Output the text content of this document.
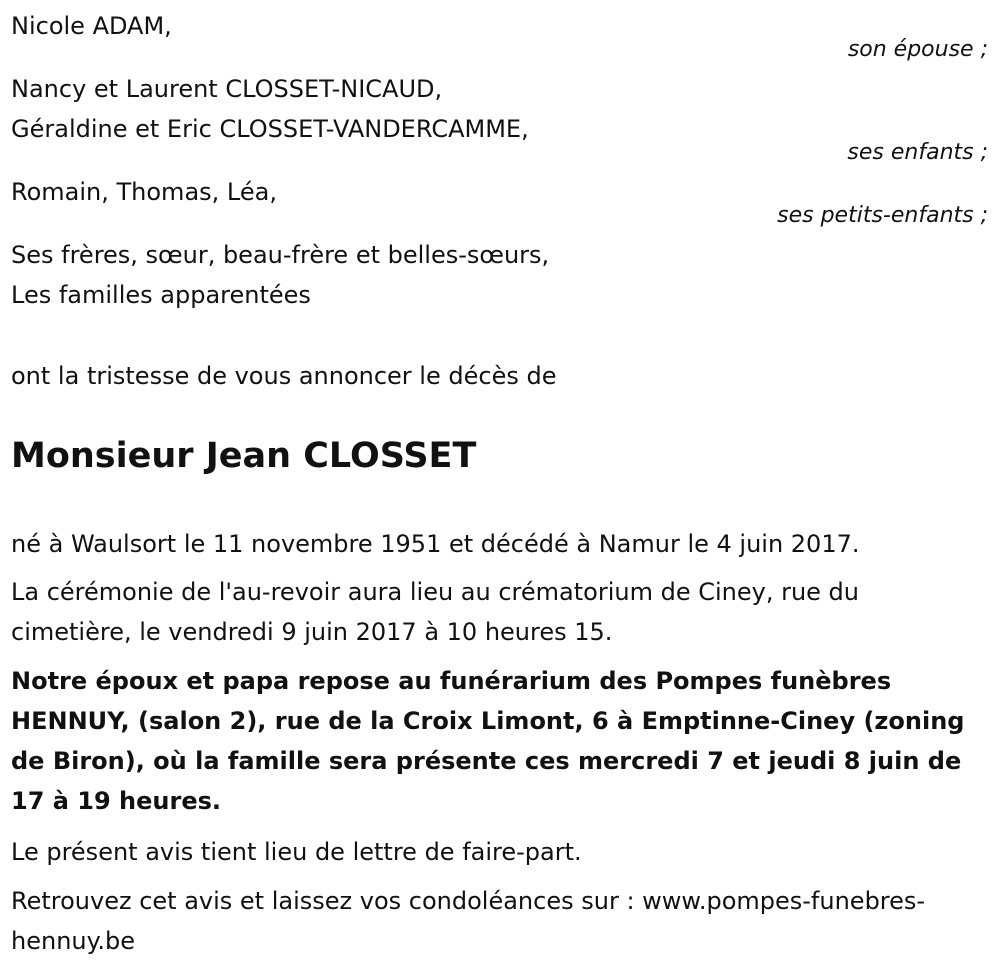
Nicole ADAM,
son épouse ;
Nancy et Laurent CLOSSET-NICAUD,
Géraldine et Eric CLOSSET-VANDERCAMME,
ses enfants ;
Romain, Thomas, Léa,
ses petits-enfants ;
Ses frères, sœur, beau-frère et belles-sœurs,
Les familles apparentées
ont la tristesse de vous annoncer le décès de
Monsieur Jean CLOSSET
né à Waulsort le 11 novembre 1951 et décédé à Namur le 4 juin 2017.
La cérémonie de l'au-revoir aura lieu au crématorium de Ciney, rue du cimetière, le vendredi 9 juin 2017 à 10 heures 15.
Notre époux et papa repose au funérarium des Pompes funèbres HENNUY, (salon 2), rue de la Croix Limont, 6 à Emptinne-Ciney (zoning de Biron), où la famille sera présente ces mercredi 7 et jeudi 8 juin de 17 à 19 heures.
Le présent avis tient lieu de lettre de faire-part.
Retrouvez cet avis et laissez vos condoléances sur : www.pompes-funebres-hennuy.be
